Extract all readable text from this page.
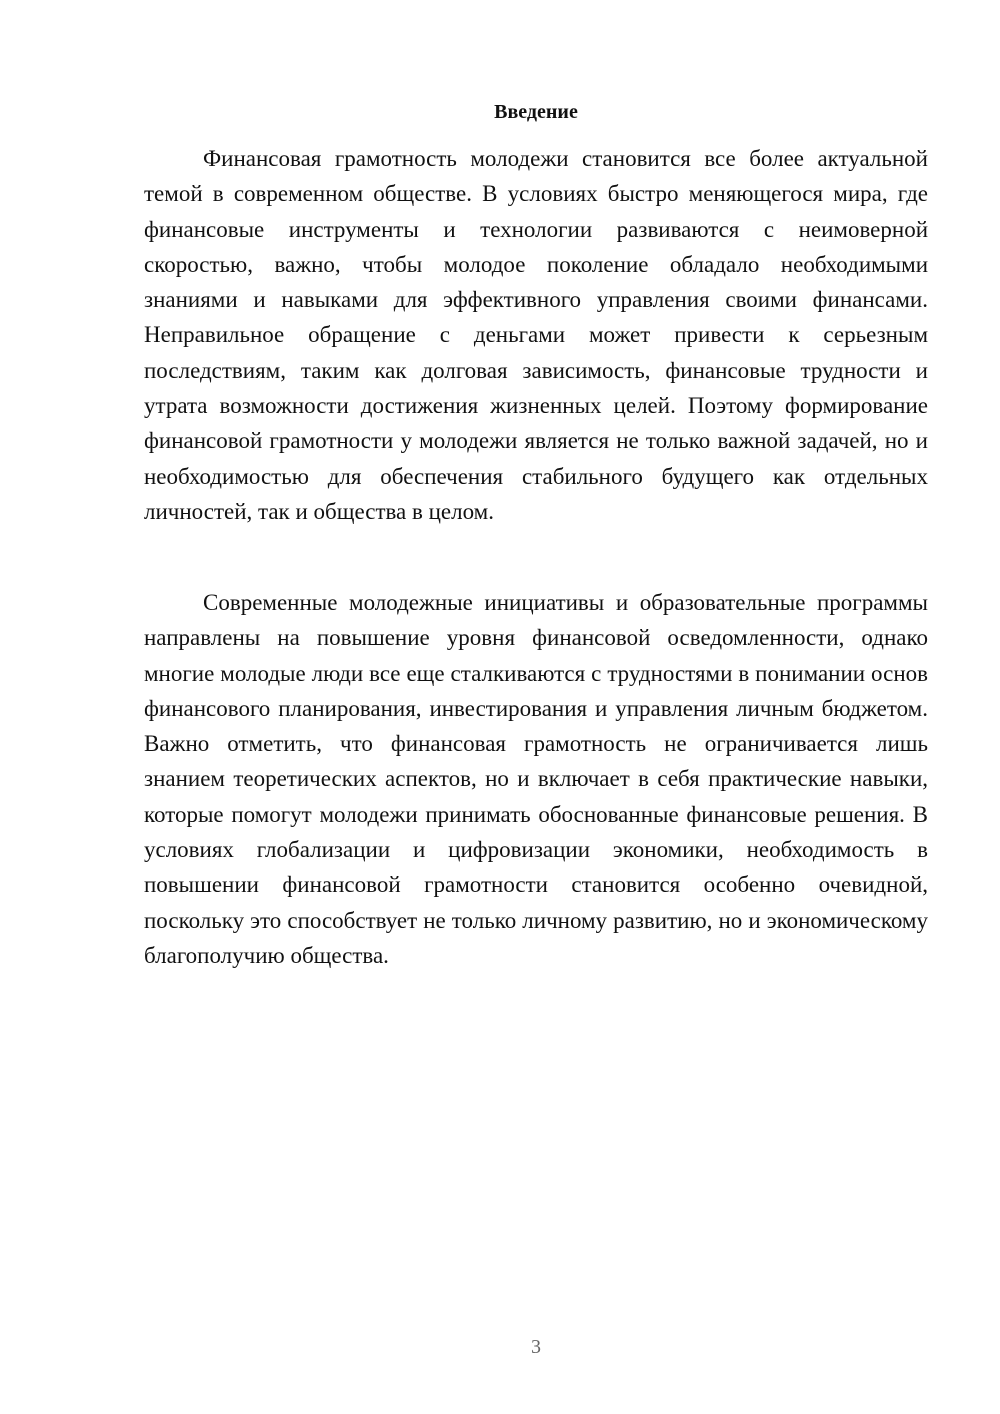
Введение

Финансовая грамотность молодежи становится все более актуальной темой в современном обществе. В условиях быстро меняющегося мира, где финансовые инструменты и технологии развиваются с неимоверной скоростью, важно, чтобы молодое поколение обладало необходимыми знаниями и навыками для эффективного управления своими финансами. Неправильное обращение с деньгами может привести к серьезным последствиям, таким как долговая зависимость, финансовые трудности и утрата возможности достижения жизненных целей. Поэтому формирование финансовой грамотности у молодежи является не только важной задачей, но и необходимостью для обеспечения стабильного будущего как отдельных личностей, так и общества в целом.

Современные молодежные инициативы и образовательные программы направлены на повышение уровня финансовой осведомленности, однако многие молодые люди все еще сталкиваются с трудностями в понимании основ финансового планирования, инвестирования и управления личным бюджетом. Важно отметить, что финансовая грамотность не ограничивается лишь знанием теоретических аспектов, но и включает в себя практические навыки, которые помогут молодежи принимать обоснованные финансовые решения. В условиях глобализации и цифровизации экономики, необходимость в повышении финансовой грамотности становится особенно очевидной, поскольку это способствует не только личному развитию, но и экономическому благополучию общества.

3
